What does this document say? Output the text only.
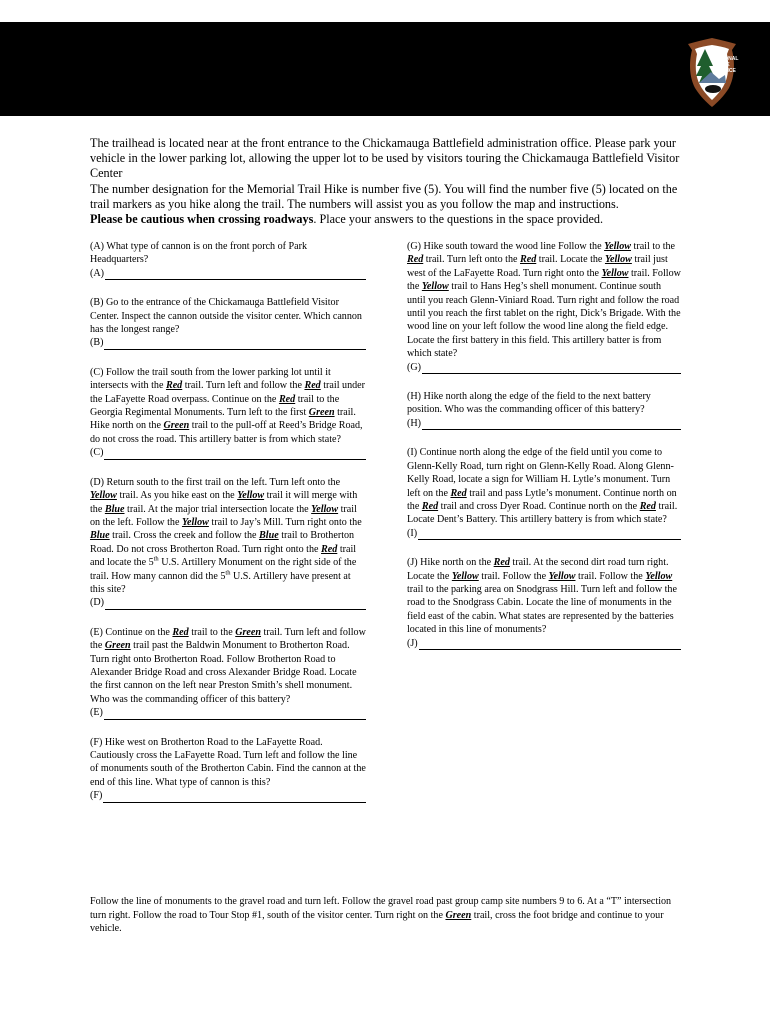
NATIONAL
PARK
SERVICE

The trailhead is located near at the front entrance to the Chickamauga Battlefield administration office. Please park your vehicle in the lower parking lot, allowing the upper lot to be used by visitors touring the Chickamauga Battlefield Visitor Center

The number designation for the Memorial Trail Hike is number five (5). You will find the number five (5) located on the trail markers as you hike along the trail. The numbers will assist you as you follow the map and instructions.

Please be cautious when crossing roadways. Place your answers to the questions in the space provided.

(A) What type of cannon is on the front porch of Park Headquarters?

(A)

(B) Go to the entrance of the Chickamauga Battlefield Visitor Center. Inspect the cannon outside the visitor center. Which cannon has the longest range?

(B)

(C) Follow the trail south from the lower parking lot until it intersects with the Red trail. Turn left and follow the Red trail under the LaFayette Road overpass. Continue on the Red trail to the Georgia Regimental Monuments. Turn left to the first Green trail. Hike north on the Green trail to the pull-off at Reed’s Bridge Road, do not cross the road. This artillery batter is from which state?

(C)

(D) Return south to the first trail on the left. Turn left onto the Yellow trail. As you hike east on the Yellow trail it will merge with the Blue trail. At the major trial intersection locate the Yellow trail on the left. Follow the Yellow trail to Jay’s Mill. Turn right onto the Blue trail. Cross the creek and follow the Blue trail to Brotherton Road. Do not cross Brotherton Road. Turn right onto the Red trail and locate the 5th U.S. Artillery Monument on the right side of the trail. How many cannon did the 5th U.S. Artillery have present at this site?

(D)

(E) Continue on the Red trail to the Green trail. Turn left and follow the Green trail past the Baldwin Monument to Brotherton Road. Turn right onto Brotherton Road. Follow Brotherton Road to Alexander Bridge Road and cross Alexander Bridge Road. Locate the first cannon on the left near Preston Smith’s shell monument. Who was the commanding officer of this battery?

(E)

(F) Hike west on Brotherton Road to the LaFayette Road. Cautiously cross the LaFayette Road. Turn left and follow the line of monuments south of the Brotherton Cabin. Find the cannon at the end of this line. What type of cannon is this?

(F)

(G) Hike south toward the wood line Follow the Yellow trail to the Red trail. Turn left onto the Red trail. Locate the Yellow trail just west of the LaFayette Road. Turn right onto the Yellow trail. Follow the Yellow trail to Hans Heg’s shell monument. Continue south until you reach Glenn-Viniard Road. Turn right and follow the road until you reach the first tablet on the right, Dick’s Brigade. With the wood line on your left follow the wood line along the field edge. Locate the first battery in this field. This artillery batter is from which state?

(G)

(H) Hike north along the edge of the field to the next battery position. Who was the commanding officer of this battery?

(H)

(I) Continue north along the edge of the field until you come to Glenn-Kelly Road, turn right on Glenn-Kelly Road. Along Glenn-Kelly Road, locate a sign for William H. Lytle’s monument. Turn left on the Red trail and pass Lytle’s monument. Continue north on the Red trail and cross Dyer Road. Continue north on the Red trail. Locate Dent’s Battery. This artillery battery is from which state?

(I)

(J) Hike north on the Red trail. At the second dirt road turn right. Locate the Yellow trail. Follow the Yellow trail. Follow the Yellow trail to the parking area on Snodgrass Hill. Turn left and follow the road to the Snodgrass Cabin. Locate the line of monuments in the field east of the cabin. What states are represented by the batteries located in this line of monuments?

(J)

Follow the line of monuments to the gravel road and turn left. Follow the gravel road past group camp site numbers 9 to 6. At a “T” intersection turn right. Follow the road to Tour Stop #1, south of the visitor center. Turn right on the Green trail, cross the foot bridge and continue to your vehicle.
